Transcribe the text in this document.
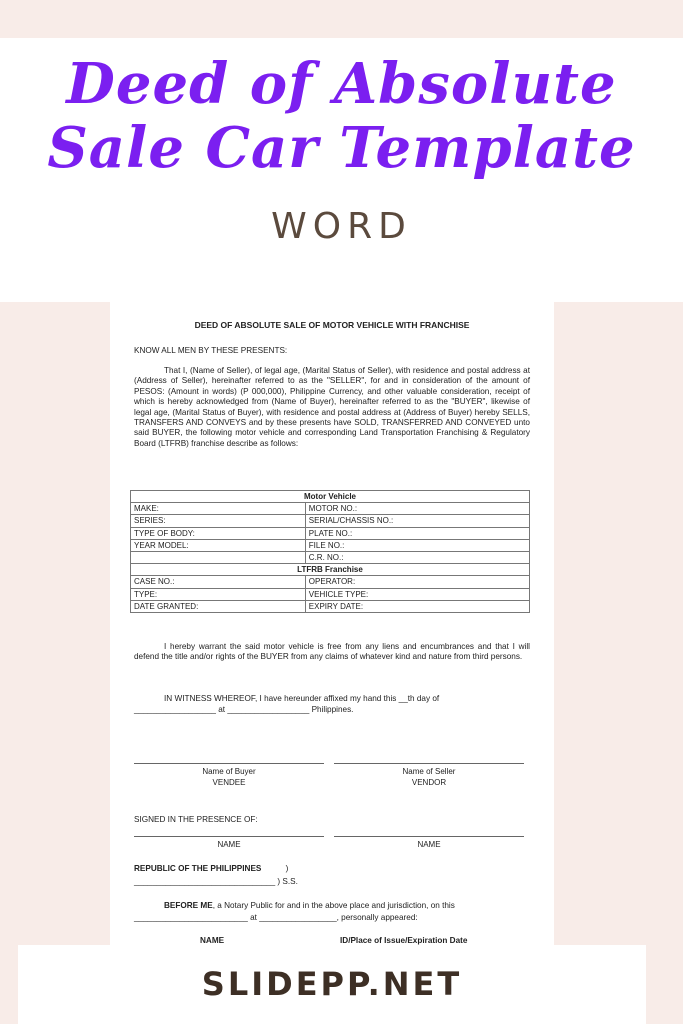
Deed of Absolute
Sale Car Template
WORD
DEED OF ABSOLUTE SALE OF MOTOR VEHICLE WITH FRANCHISE
KNOW ALL MEN BY THESE PRESENTS:
That I, (Name of Seller), of legal age, (Marital Status of Seller), with residence and postal address at (Address of Seller), hereinafter referred to as the "SELLER", for and in consideration of the amount of PESOS: (Amount in words) (P 000,000), Philippine Currency, and other valuable consideration, receipt of which is hereby acknowledged from (Name of Buyer), hereinafter referred to as the "BUYER", likewise of legal age, (Marital Status of Buyer), with residence and postal address at (Address of Buyer) hereby SELLS, TRANSFERS AND CONVEYS and by these presents have SOLD, TRANSFERRED AND CONVEYED unto said BUYER, the following motor vehicle and corresponding Land Transportation Franchising & Regulatory Board (LTFRB) franchise describe as follows:
Motor Vehicle	
MAKE:	MOTOR NO.:
SERIES:	SERIAL/CHASSIS NO.:
TYPE OF BODY:	PLATE NO.:
YEAR MODEL:	FILE NO.:
	C.R. NO.:
LTFRB Franchise	
CASE NO.:	OPERATOR:
TYPE:	VEHICLE TYPE:
DATE GRANTED:	EXPIRY DATE:
I hereby warrant the said motor vehicle is free from any liens and encumbrances and that I will defend the title and/or rights of the BUYER from any claims of whatever kind and nature from third persons.
IN WITNESS WHEREOF, I have hereunder affixed my hand this __th day of
__________________ at __________________ Philippines.
Name of Buyer
VENDEE
Name of Seller
VENDOR
SIGNED IN THE PRESENCE OF:
NAME	NAME
REPUBLIC OF THE PHILIPPINES	)
_______________________________ ) S.S.
BEFORE ME, a Notary Public for and in the above place and jurisdiction, on this
_________________________ at _________________, personally appeared:
NAME	ID/Place of Issue/Expiration Date
SLIDEPP.NET
